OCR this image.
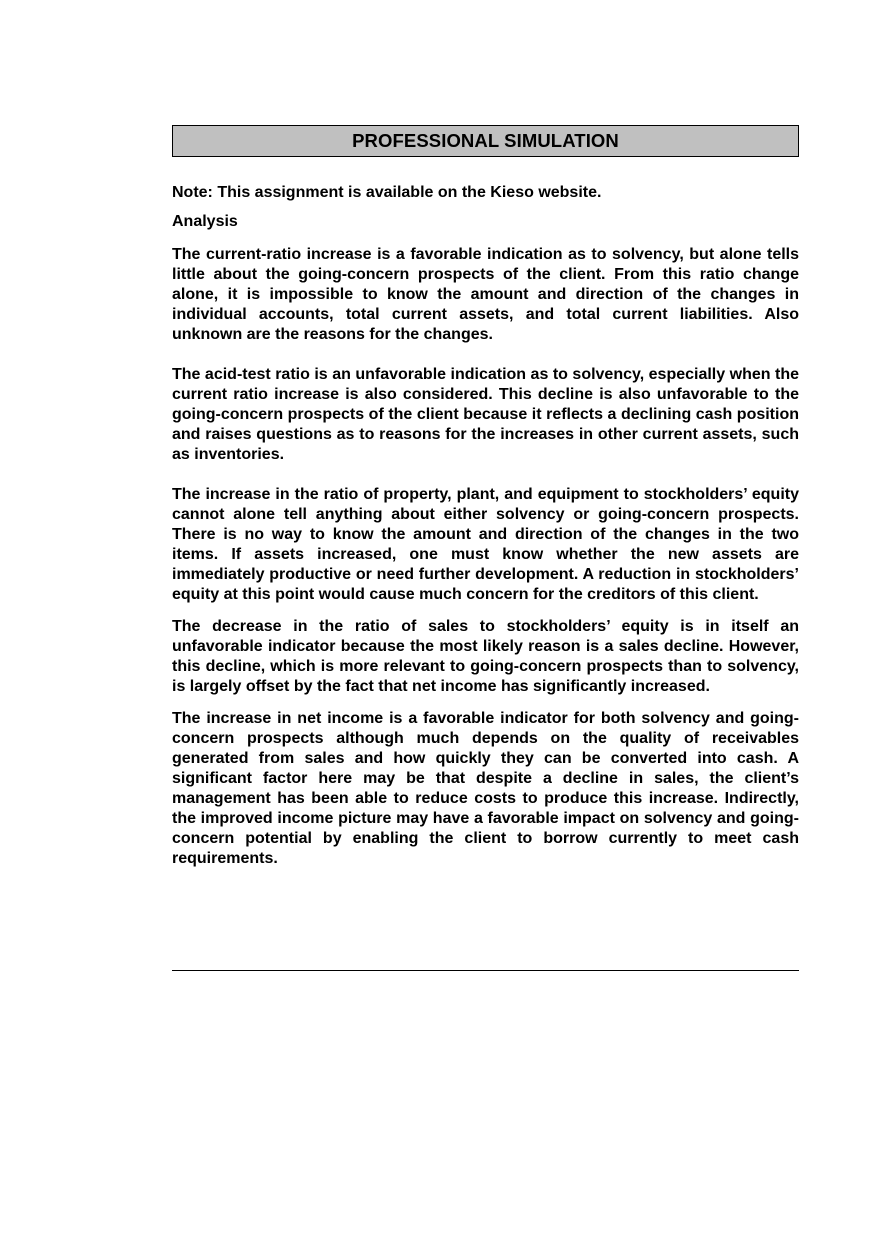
PROFESSIONAL SIMULATION
Note: This assignment is available on the Kieso website.
Analysis

The current-ratio increase is a favorable indication as to solvency, but alone tells little about the going-concern prospects of the client. From this ratio change alone, it is impossible to know the amount and direction of the changes in individual accounts, total current assets, and total current liabilities. Also unknown are the reasons for the changes.

The acid-test ratio is an unfavorable indication as to solvency, especially when the current ratio increase is also considered. This decline is also unfavorable to the going-concern prospects of the client because it reflects a declining cash position and raises questions as to reasons for the increases in other current assets, such as inventories.

The increase in the ratio of property, plant, and equipment to stockholders’ equity cannot alone tell anything about either solvency or going-concern prospects. There is no way to know the amount and direction of the changes in the two items. If assets increased, one must know whether the new assets are immediately productive or need further development. A reduction in stockholders’ equity at this point would cause much concern for the creditors of this client.

The decrease in the ratio of sales to stockholders’ equity is in itself an unfavorable indicator because the most likely reason is a sales decline. However, this decline, which is more relevant to going-concern prospects than to solvency, is largely offset by the fact that net income has significantly increased.

The increase in net income is a favorable indicator for both solvency and going-concern prospects although much depends on the quality of receivables generated from sales and how quickly they can be converted into cash. A significant factor here may be that despite a decline in sales, the client’s management has been able to reduce costs to produce this increase. Indirectly, the improved income picture may have a favorable impact on solvency and going-concern potential by enabling the client to borrow currently to meet cash requirements.
